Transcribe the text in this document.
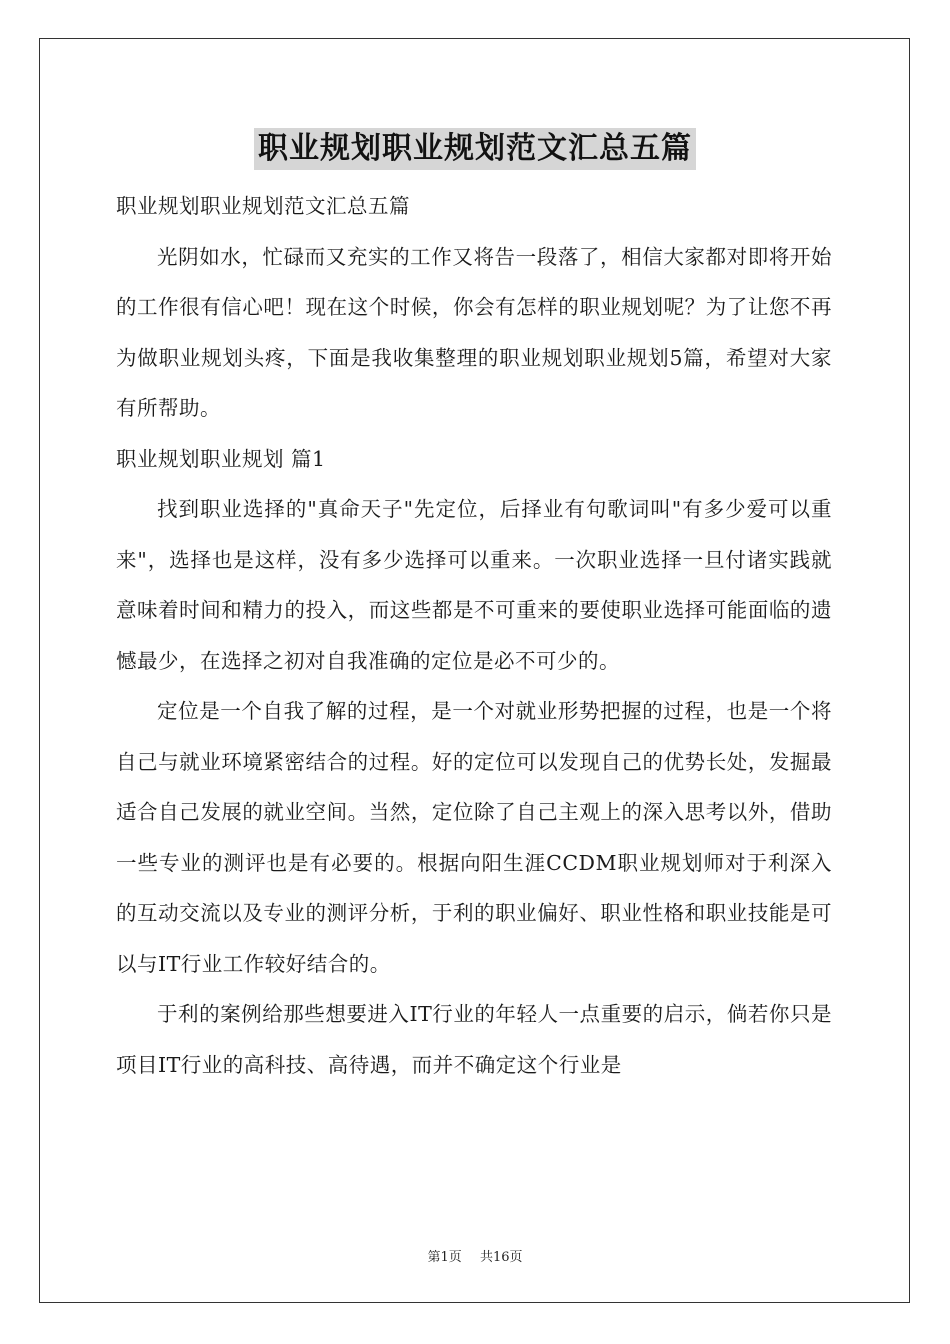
职业规划职业规划范文汇总五篇

职业规划职业规划范文汇总五篇

光阴如水，忙碌而又充实的工作又将告一段落了，相信大家都对即将开始的工作很有信心吧！现在这个时候，你会有怎样的职业规划呢？为了让您不再为做职业规划头疼，下面是我收集整理的职业规划职业规划5篇，希望对大家有所帮助。

职业规划职业规划 篇1

找到职业选择的"真命天子"先定位，后择业有句歌词叫"有多少爱可以重来"，选择也是这样，没有多少选择可以重来。一次职业选择一旦付诸实践就意味着时间和精力的投入，而这些都是不可重来的要使职业选择可能面临的遗憾最少，在选择之初对自我准确的定位是必不可少的。

定位是一个自我了解的过程，是一个对就业形势把握的过程，也是一个将自己与就业环境紧密结合的过程。好的定位可以发现自己的优势长处，发掘最适合自己发展的就业空间。当然，定位除了自己主观上的深入思考以外，借助一些专业的测评也是有必要的。根据向阳生涯CCDM职业规划师对于利深入的互动交流以及专业的测评分析，于利的职业偏好、职业性格和职业技能是可以与IT行业工作较好结合的。

于利的案例给那些想要进入IT行业的年轻人一点重要的启示，倘若你只是项目IT行业的高科技、高待遇，而并不确定这个行业是

第1页 共16页
